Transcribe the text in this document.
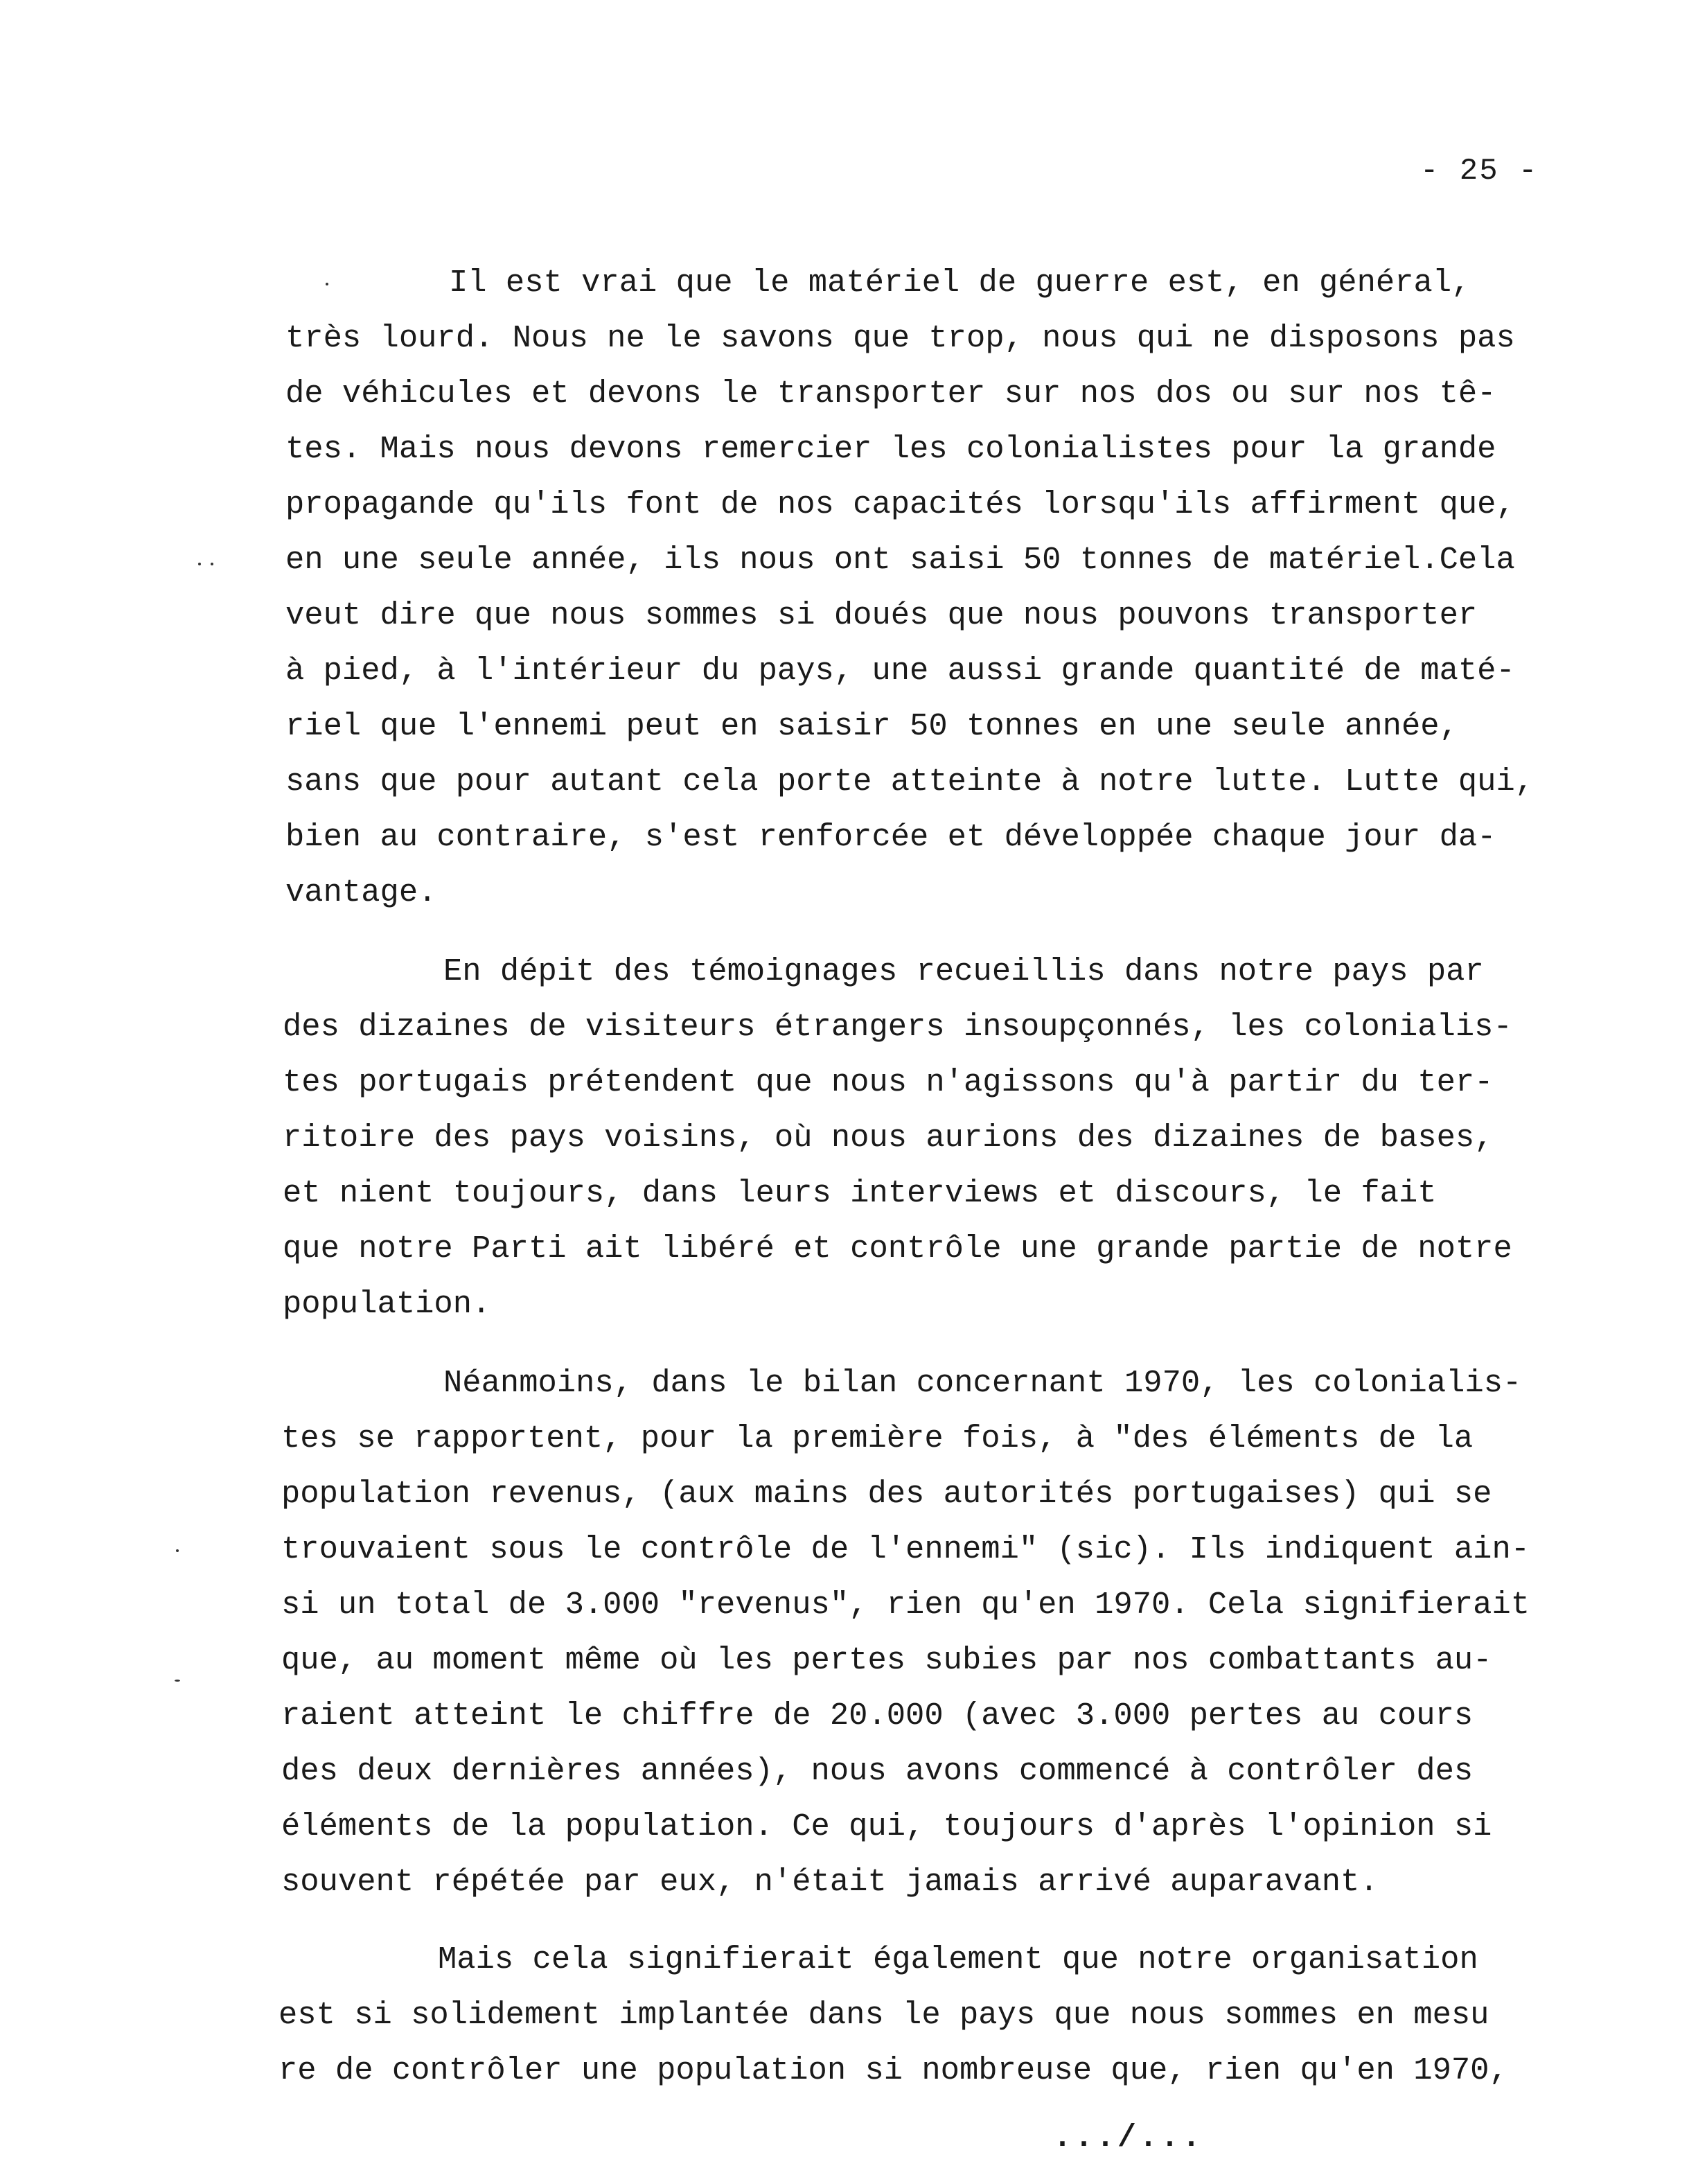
- 25 -
Il est vrai que le matériel de guerre est, en général,
très lourd. Nous ne le savons que trop, nous qui ne disposons pas
de véhicules et devons le transporter sur nos dos ou sur nos tê-
tes. Mais nous devons remercier les colonialistes pour la grande
propagande qu'ils font de nos capacités lorsqu'ils affirment que,
en une seule année, ils nous ont saisi 50 tonnes de matériel.Cela
veut dire que nous sommes si doués que nous pouvons transporter
à pied, à l'intérieur du pays, une aussi grande quantité de maté-
riel que l'ennemi peut en saisir 50 tonnes en une seule année,
sans que pour autant cela porte atteinte à notre lutte. Lutte qui,
bien au contraire, s'est renforcée et développée chaque jour da-
vantage.
En dépit des témoignages recueillis dans notre pays par
des dizaines de visiteurs étrangers insoupçonnés, les colonialis-
tes portugais prétendent que nous n'agissons qu'à partir du ter-
ritoire des pays voisins, où nous aurions des dizaines de bases,
et nient toujours, dans leurs interviews et discours, le fait
que notre Parti ait libéré et contrôle une grande partie de notre
population.
Néanmoins, dans le bilan concernant 1970, les colonialis-
tes se rapportent, pour la première fois, à "des éléments de la
population revenus, (aux mains des autorités portugaises) qui se
trouvaient sous le contrôle de l'ennemi" (sic). Ils indiquent ain-
si un total de 3.000 "revenus", rien qu'en 1970. Cela signifierait
que, au moment même où les pertes subies par nos combattants au-
raient atteint le chiffre de 20.000 (avec 3.000 pertes au cours
des deux dernières années), nous avons commencé à contrôler des
éléments de la population. Ce qui, toujours d'après l'opinion si
souvent répétée par eux, n'était jamais arrivé auparavant.
Mais cela signifierait également que notre organisation
est si solidement implantée dans le pays que nous sommes en mesu
re de contrôler une population si nombreuse que, rien qu'en 1970,
.../...
